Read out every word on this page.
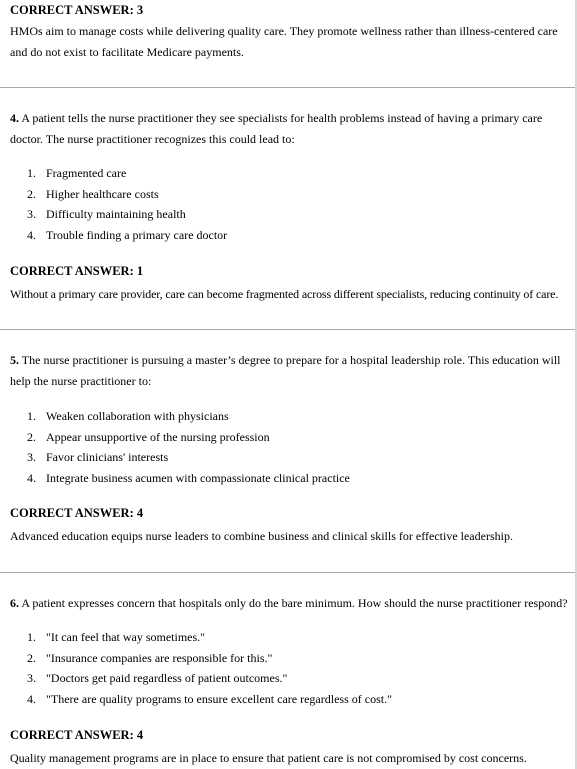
CORRECT ANSWER: 3
HMOs aim to manage costs while delivering quality care. They promote wellness rather than illness-centered care and do not exist to facilitate Medicare payments.
4. A patient tells the nurse practitioner they see specialists for health problems instead of having a primary care doctor. The nurse practitioner recognizes this could lead to:
1. Fragmented care
2. Higher healthcare costs
3. Difficulty maintaining health
4. Trouble finding a primary care doctor
CORRECT ANSWER: 1
Without a primary care provider, care can become fragmented across different specialists, reducing continuity of care.
5. The nurse practitioner is pursuing a master’s degree to prepare for a hospital leadership role. This education will help the nurse practitioner to:
1. Weaken collaboration with physicians
2. Appear unsupportive of the nursing profession
3. Favor clinicians' interests
4. Integrate business acumen with compassionate clinical practice
CORRECT ANSWER: 4
Advanced education equips nurse leaders to combine business and clinical skills for effective leadership.
6. A patient expresses concern that hospitals only do the bare minimum. How should the nurse practitioner respond?
1. "It can feel that way sometimes."
2. "Insurance companies are responsible for this."
3. "Doctors get paid regardless of patient outcomes."
4. "There are quality programs to ensure excellent care regardless of cost."
CORRECT ANSWER: 4
Quality management programs are in place to ensure that patient care is not compromised by cost concerns.
